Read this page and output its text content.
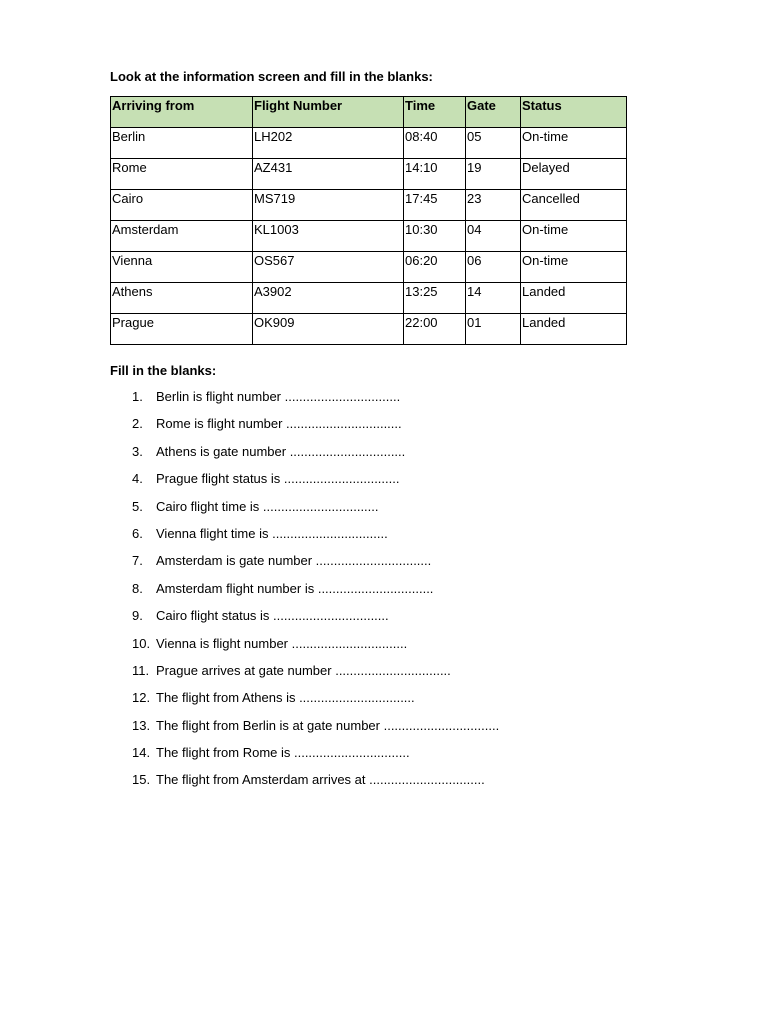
Look at the information screen and fill in the blanks:
Arriving from	Flight Number	Time	Gate	Status
Berlin	LH202	08:40	05	On-time
Rome	AZ431	14:10	19	Delayed
Cairo	MS719	17:45	23	Cancelled
Amsterdam	KL1003	10:30	04	On-time
Vienna	OS567	06:20	06	On-time
Athens	A3902	13:25	14	Landed
Prague	OK909	22:00	01	Landed
Fill in the blanks:
1.	Berlin is flight number ................................
2.	Rome is flight number ................................
3.	Athens is gate number ................................
4.	Prague flight status is ................................
5.	Cairo flight time is ................................
6.	Vienna flight time is ................................
7.	Amsterdam is gate number ................................
8.	Amsterdam flight number is ................................
9.	Cairo flight status is ................................
10. Vienna is flight number ................................
11. Prague arrives at gate number ................................
12. The flight from Athens is ................................
13. The flight from Berlin is at gate number ................................
14. The flight from Rome is ................................
15. The flight from Amsterdam arrives at ................................
